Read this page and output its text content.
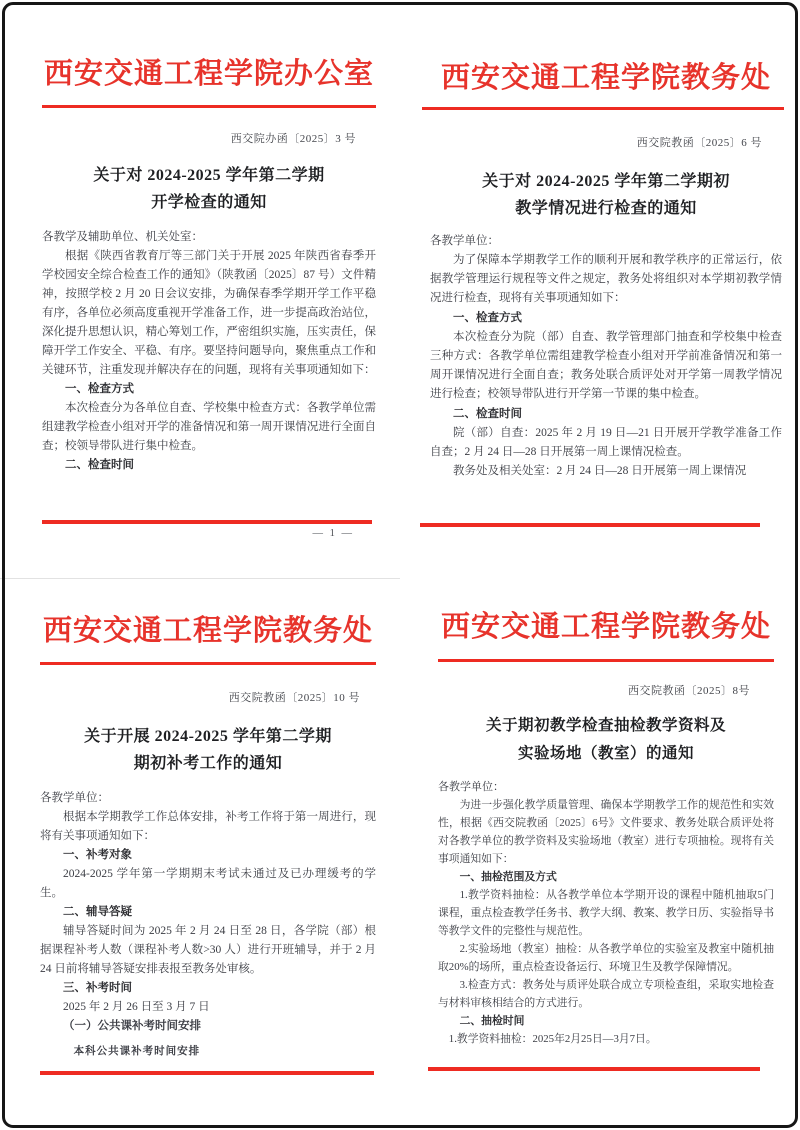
西安交通工程学院办公室
西交院办函〔2025〕3 号
关于对 2024-2025 学年第二学期
开学检查的通知
各教学及辅助单位、机关处室：

根据《陕西省教育厅等三部门关于开展 2025 年陕西省春季开学校园安全综合检查工作的通知》（陕教函〔2025〕87 号）文件精神，按照学校 2 月 20 日会议安排，为确保春季学期开学工作平稳有序，各单位必须高度重视开学准备工作，进一步提高政治站位，深化提升思想认识，精心筹划工作，严密组织实施，压实责任，保障开学工作安全、平稳、有序。要坚持问题导向，聚焦重点工作和关键环节，注重发现并解决存在的问题，现将有关事项通知如下：

一、检查方式

本次检查分为各单位自查、学校集中检查方式：各教学单位需组建教学检查小组对开学的准备情况和第一周开课情况进行全面自查；校领导带队进行集中检查。

二、检查时间

— 1 —
西安交通工程学院教务处
西交院教函〔2025〕6 号
关于对 2024-2025 学年第二学期初
教学情况进行检查的通知
各教学单位：

为了保障本学期教学工作的顺利开展和教学秩序的正常运行，依据教学管理运行规程等文件之规定，教务处将组织对本学期初教学情况进行检查，现将有关事项通知如下：

一、检查方式

本次检查分为院（部）自查、教学管理部门抽查和学校集中检查三种方式：各教学单位需组建教学检查小组对开学前准备情况和第一周开课情况进行全面自查；教务处联合质评处对开学第一周教学情况进行检查；校领导带队进行开学第一节课的集中检查。

二、检查时间

院（部）自查：2025 年 2 月 19 日—21 日开展开学教学准备工作自查；2 月 24 日—28 日开展第一周上课情况检查。

教务处及相关处室：2 月 24 日—28 日开展第一周上课情况

西安交通工程学院教务处
西交院教函〔2025〕10 号
关于开展 2024-2025 学年第二学期
期初补考工作的通知
各教学单位：

根据本学期教学工作总体安排，补考工作将于第一周进行，现将有关事项通知如下：

一、补考对象

2024-2025 学年第一学期期末考试未通过及已办理缓考的学生。

二、辅导答疑

辅导答疑时间为 2025 年 2 月 24 日至 28 日，各学院（部）根据课程补考人数（课程补考人数>30 人）进行开班辅导，并于 2 月 24 日前将辅导答疑安排表报至教务处审核。

三、补考时间

2025 年 2 月 26 日至 3 月 7 日

（一）公共课补考时间安排

本科公共课补考时间安排

西安交通工程学院教务处
西交院教函〔2025〕8号
关于期初教学检查抽检教学资料及
实验场地（教室）的通知
各教学单位：

为进一步强化教学质量管理、确保本学期教学工作的规范性和实效性，根据《西交院教函〔2025〕6号》文件要求、教务处联合质评处将对各教学单位的教学资料及实验场地（教室）进行专项抽检。现将有关事项通知如下：

一、抽检范围及方式

1.教学资料抽检：从各教学单位本学期开设的课程中随机抽取5门课程，重点检查教学任务书、教学大纲、教案、教学日历、实验指导书等教学文件的完整性与规范性。

2.实验场地（教室）抽检：从各教学单位的实验室及教室中随机抽取20%的场所，重点检查设备运行、环境卫生及教学保障情况。

3.检查方式：教务处与质评处联合成立专项检查组，采取实地检查与材料审核相结合的方式进行。

二、抽检时间

1.教学资料抽检：2025年2月25日—3月7日。
